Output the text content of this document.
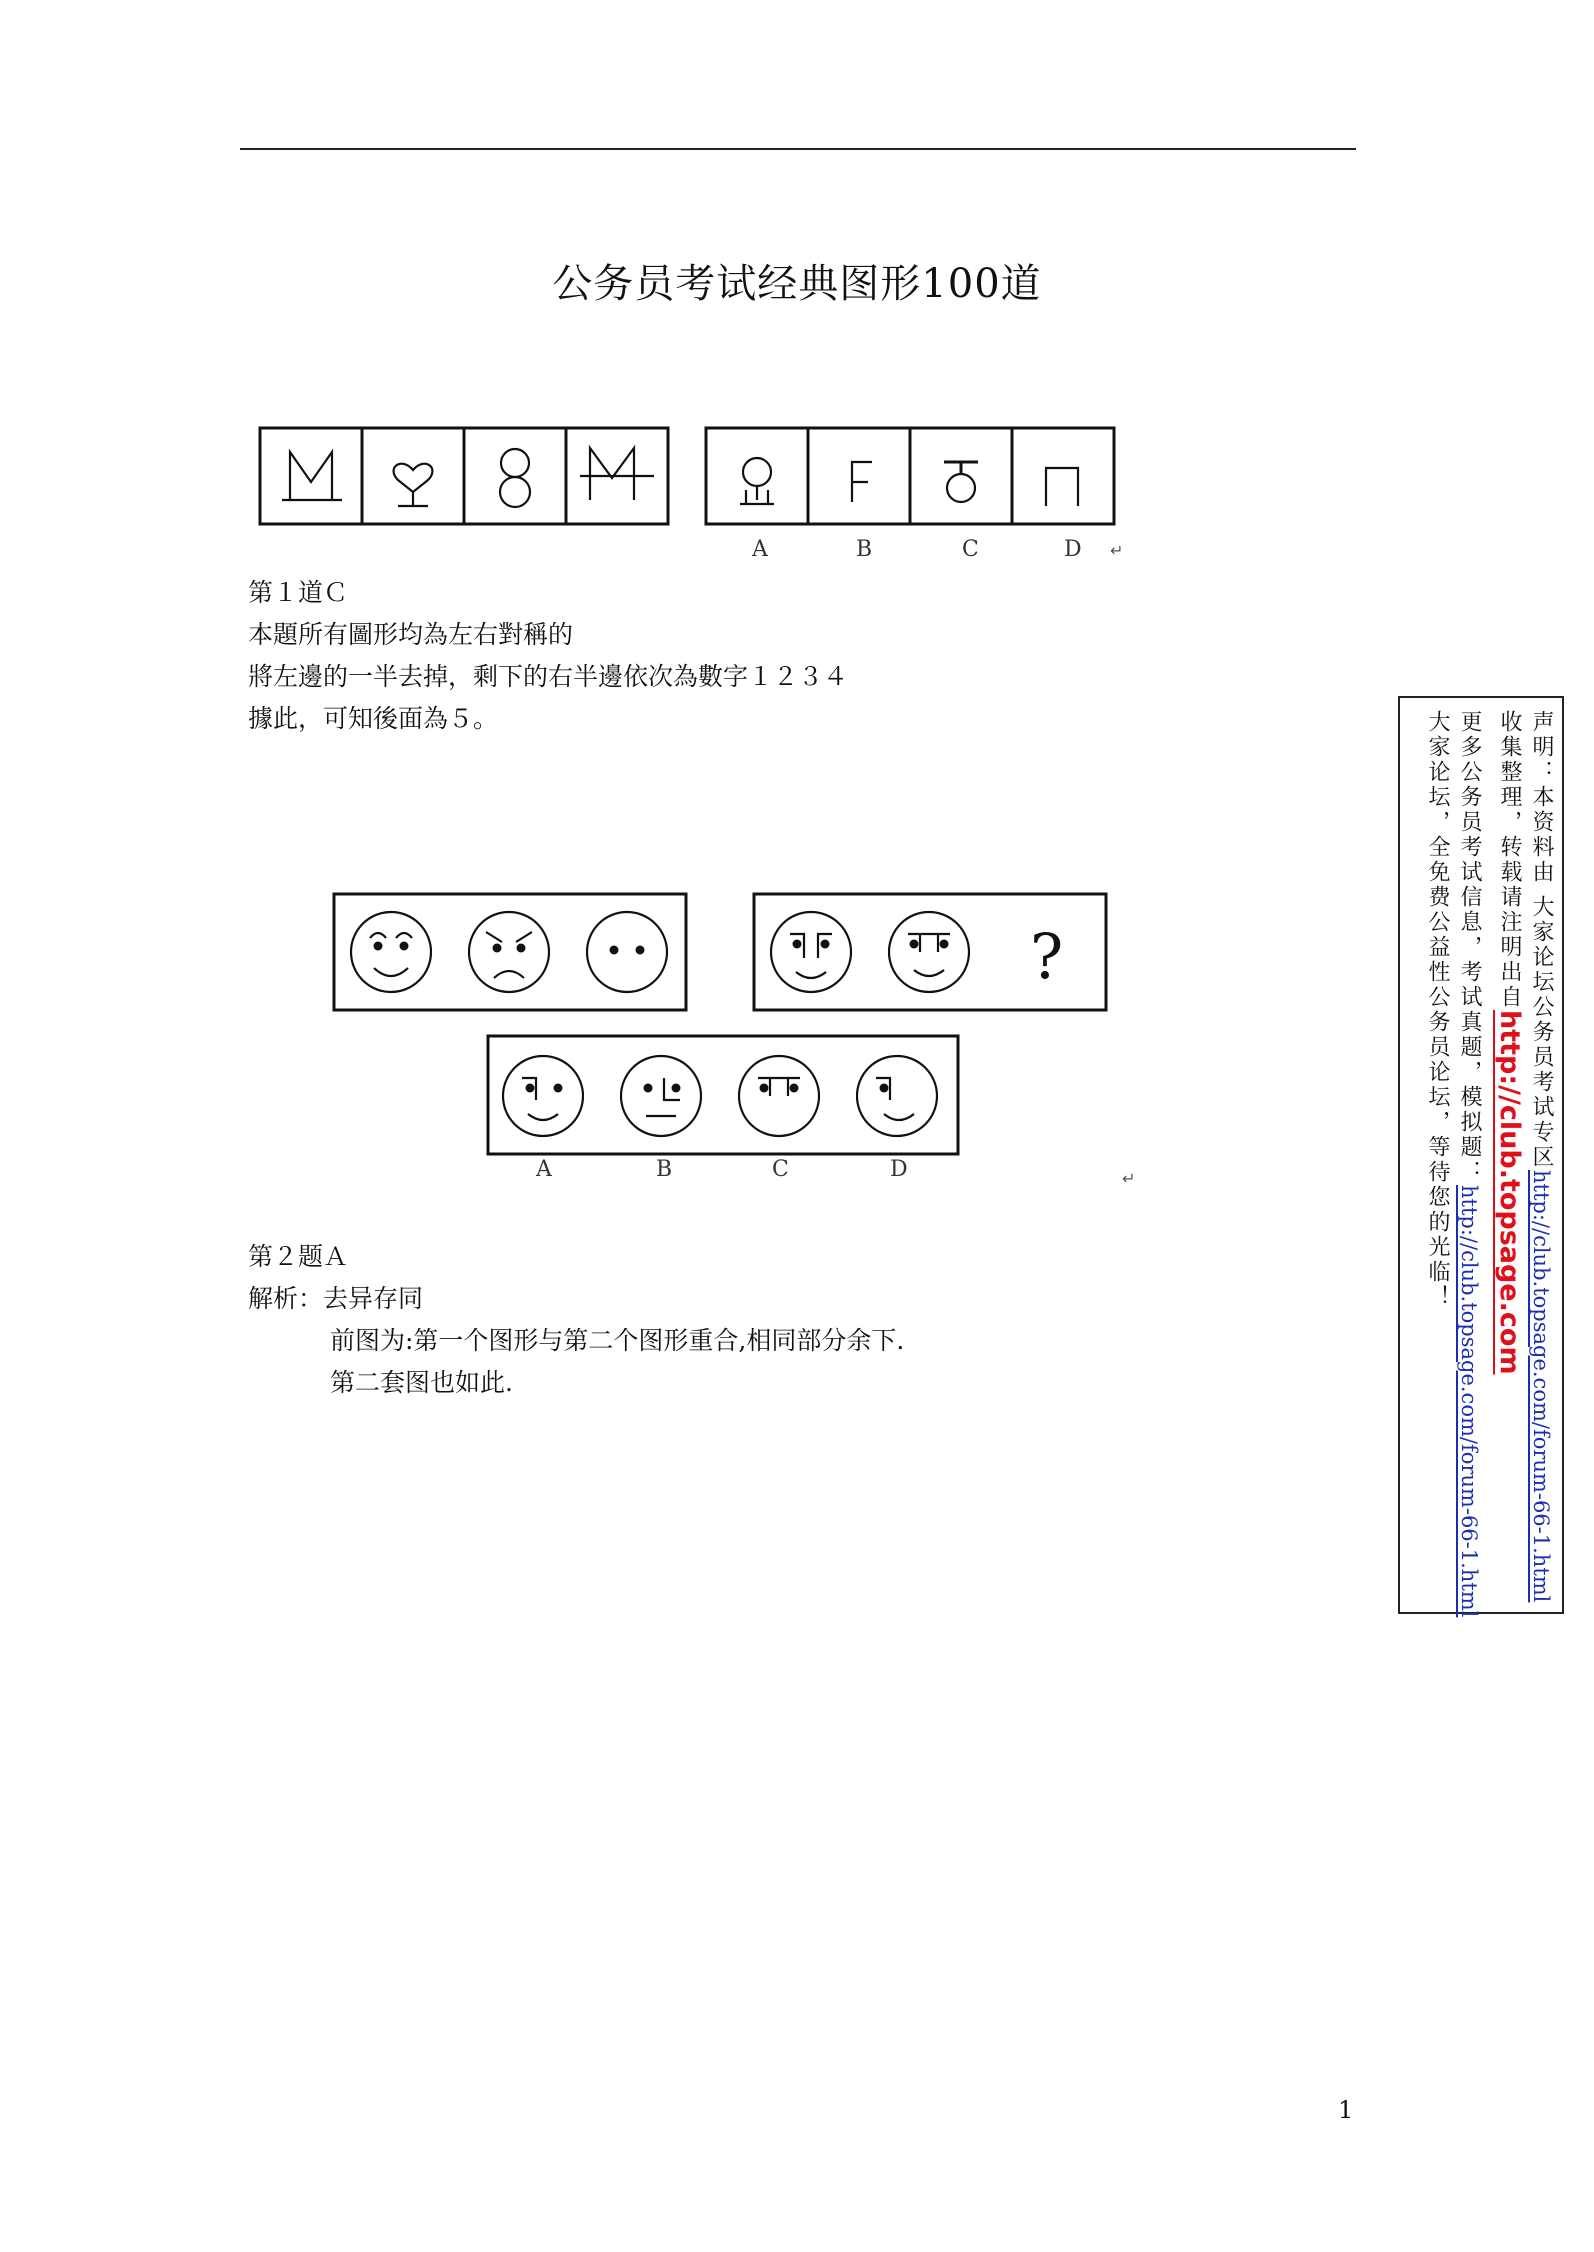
公务员考试经典图形100道
A	B	C	D ↵
?
A	B	C	D	↵
第１道Ｃ
本題所有圖形均為左右對稱的
將左邊的一半去掉，剩下的右半邊依次為數字１２３４
據此，可知後面為５。
第２题Ａ
解析：去异存同
前图为:第一个图形与第二个图形重合,相同部分余下.
第二套图也如此.
声明：本资料由 大家论坛公务员考试专区http://club.topsage.com/forum-66-1.html
收集整理，转载请注明出自http://club.topsage.com
更多公务员考试信息，考试真题，模拟题：http://club.topsage.com/forum-66-1.html
大家论坛，全免费公益性公务员论坛，等待您的光临！
1
